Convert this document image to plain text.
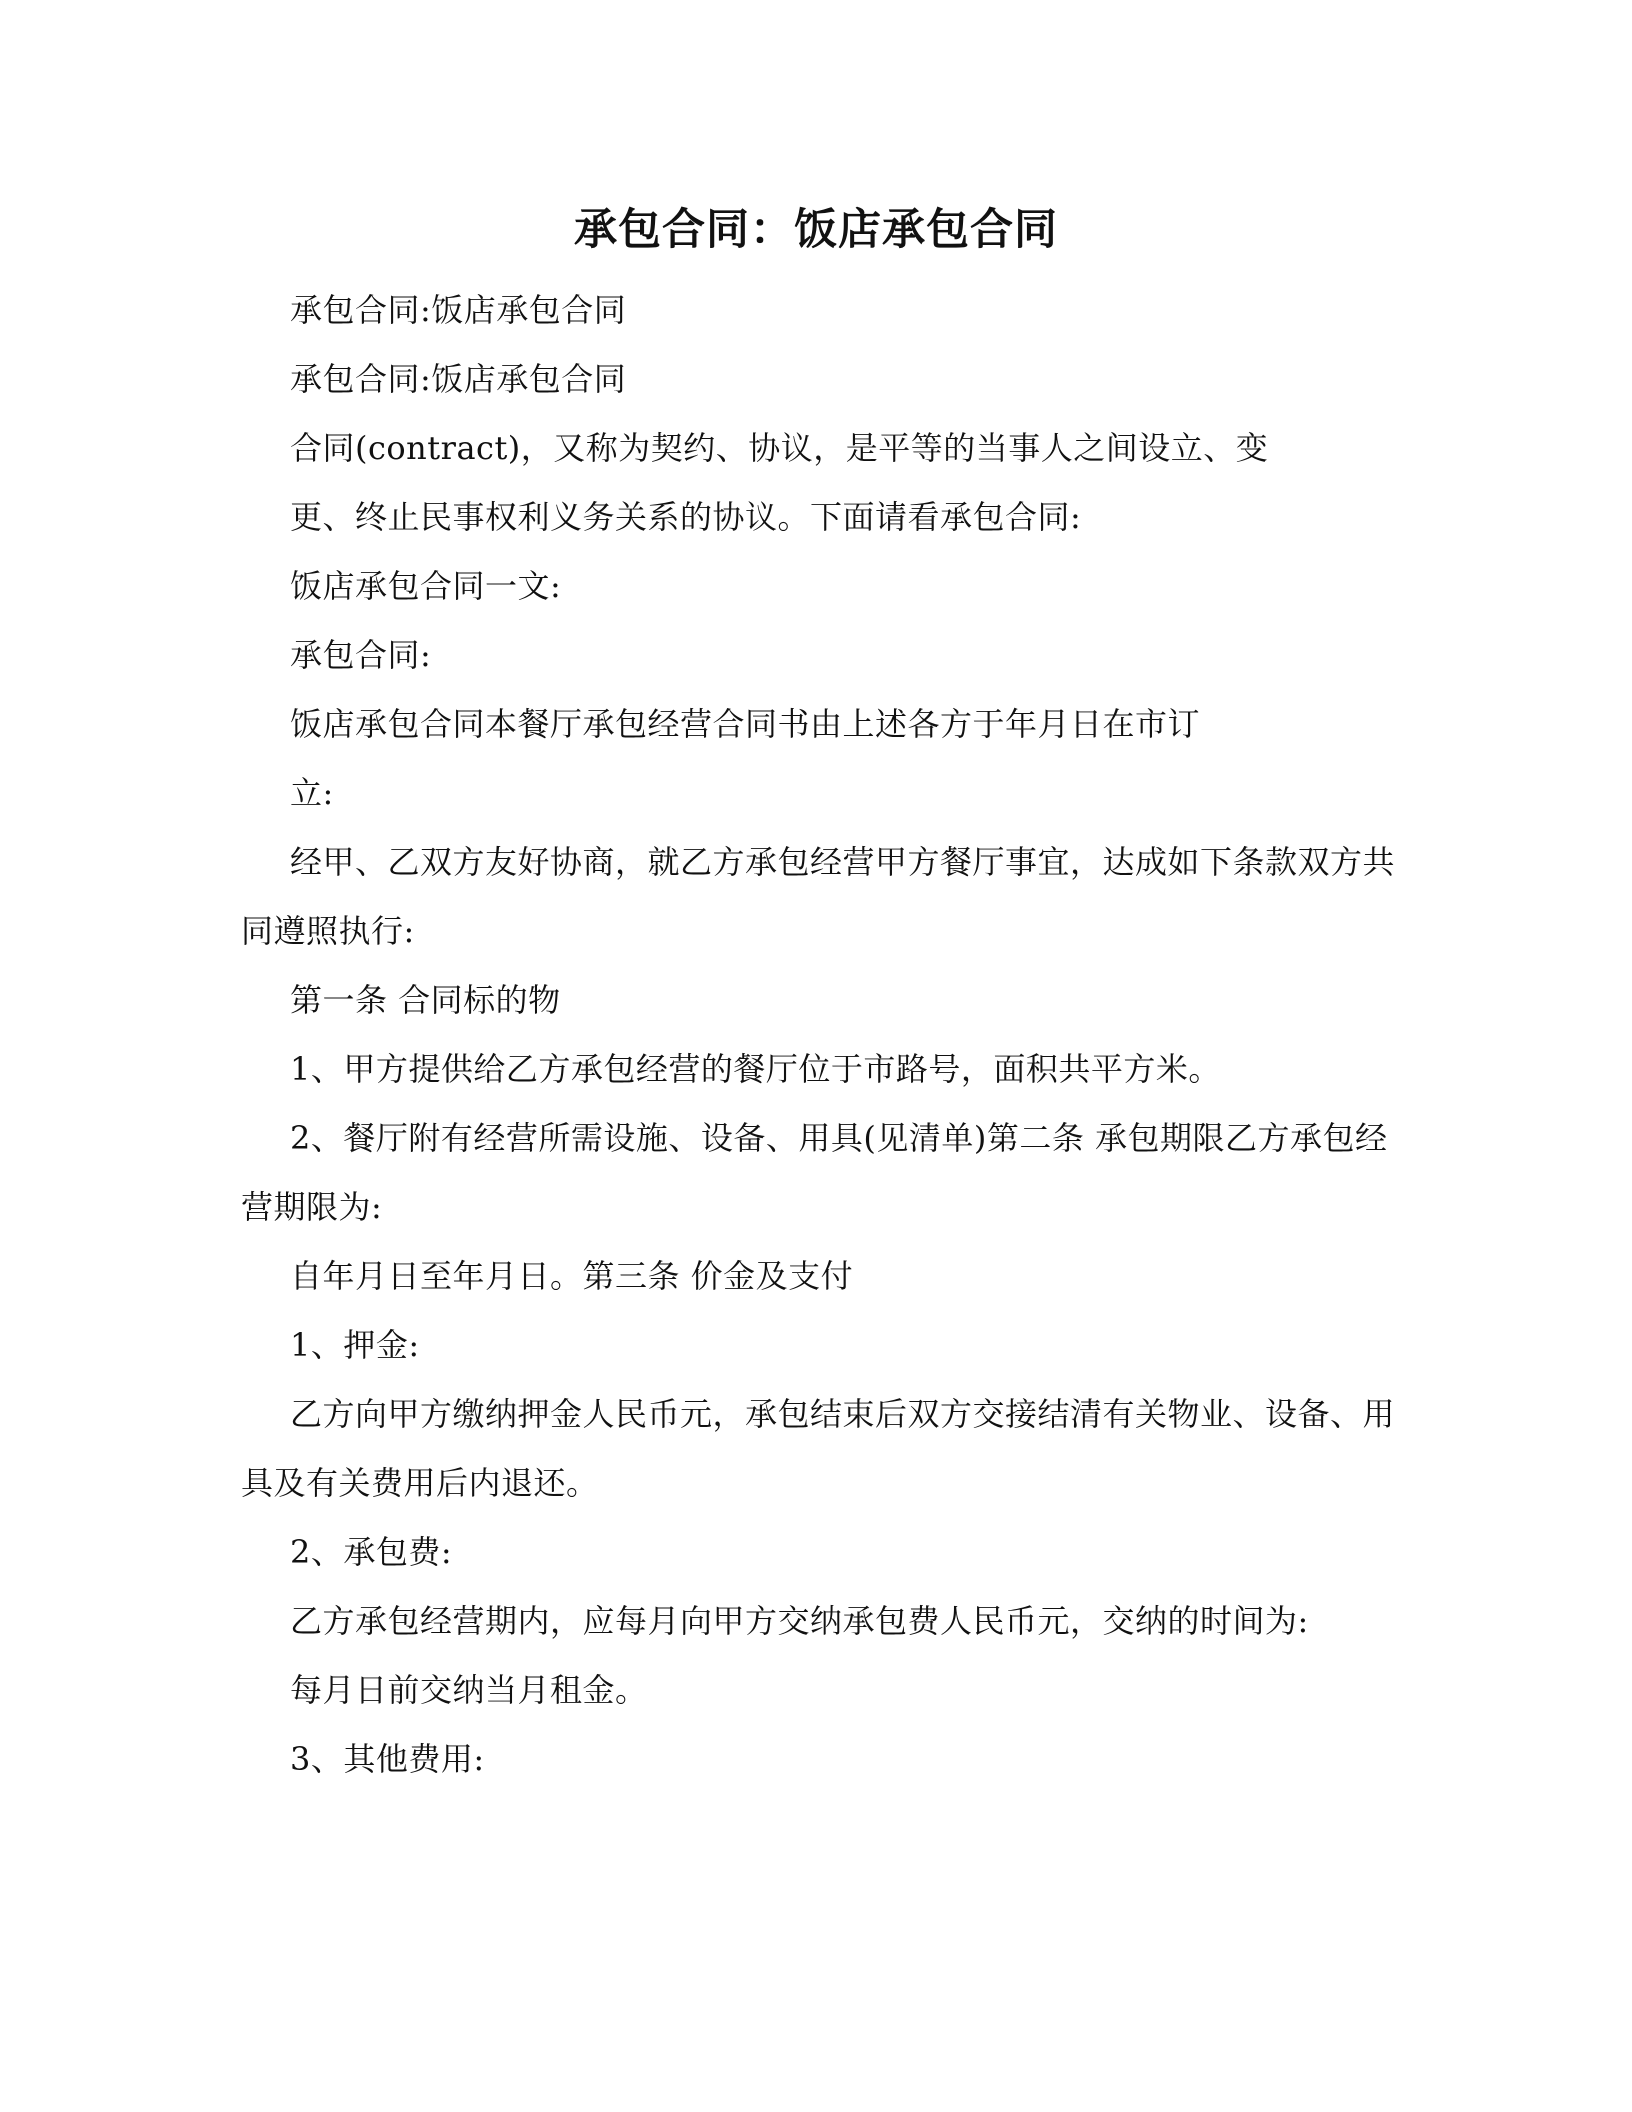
承包合同：饭店承包合同
承包合同:饭店承包合同
承包合同:饭店承包合同
合同(contract)，又称为契约、协议，是平等的当事人之间设立、变
更、终止民事权利义务关系的协议。下面请看承包合同:
饭店承包合同一文:
承包合同:
饭店承包合同本餐厅承包经营合同书由上述各方于年月日在市订
立:
经甲、乙双方友好协商，就乙方承包经营甲方餐厅事宜，达成如下条款双方共
同遵照执行:
第一条 合同标的物
1、甲方提供给乙方承包经营的餐厅位于市路号，面积共平方米。
2、餐厅附有经营所需设施、设备、用具(见清单)第二条 承包期限乙方承包经
营期限为:
自年月日至年月日。第三条 价金及支付
1、押金:
乙方向甲方缴纳押金人民币元，承包结束后双方交接结清有关物业、设备、用
具及有关费用后内退还。
2、承包费:
乙方承包经营期内，应每月向甲方交纳承包费人民币元，交纳的时间为:
每月日前交纳当月租金。
3、其他费用:
